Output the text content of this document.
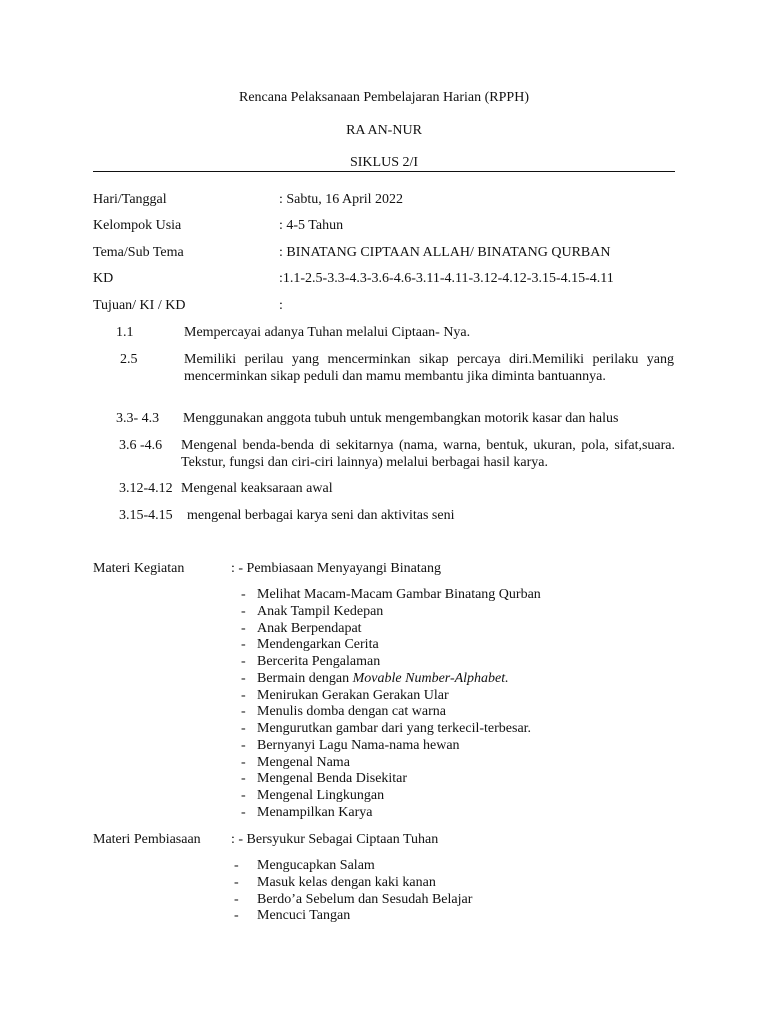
Rencana Pelaksanaan Pembelajaran Harian (RPPH)
RA AN-NUR
SIKLUS 2/I
Hari/Tanggal	: Sabtu, 16 April 2022
Kelompok Usia	: 4-5 Tahun
Tema/Sub Tema	: BINATANG CIPTAAN ALLAH/ BINATANG QURBAN
KD	:1.1-2.5-3.3-4.3-3.6-4.6-3.11-4.11-3.12-4.12-3.15-4.15-4.11
Tujuan/ KI / KD	:
1.1	Mempercayai adanya Tuhan melalui Ciptaan- Nya.
2.5	Memiliki perilau yang mencerminkan sikap percaya diri.Memiliki perilaku yang mencerminkan sikap peduli dan mamu membantu jika diminta bantuannya.
3.3- 4.3 Menggunakan anggota tubuh untuk mengembangkan motorik kasar dan halus
3.6 -4.6 Mengenal benda-benda di sekitarnya (nama, warna, bentuk, ukuran, pola, sifat,suara. Tekstur, fungsi dan ciri-ciri lainnya) melalui berbagai hasil karya.
3.12-4.12 Mengenal keaksaraan awal
3.15-4.15 mengenal berbagai karya seni dan aktivitas seni
Materi Kegiatan	: - Pembiasaan Menyayangi Binatang
- Melihat Macam-Macam Gambar Binatang Qurban
- Anak Tampil Kedepan
- Anak Berpendapat
- Mendengarkan Cerita
- Bercerita Pengalaman
- Bermain dengan Movable Number-Alphabet.
- Menirukan Gerakan Gerakan Ular
- Menulis domba dengan cat warna
- Mengurutkan gambar dari yang terkecil-terbesar.
- Bernyanyi Lagu Nama-nama hewan
- Mengenal Nama
- Mengenal Benda Disekitar
- Mengenal Lingkungan
- Menampilkan Karya
Materi Pembiasaan : - Bersyukur Sebagai Ciptaan Tuhan
- Mengucapkan Salam
- Masuk kelas dengan kaki kanan
- Berdo’a Sebelum dan Sesudah Belajar
- Mencuci Tangan
